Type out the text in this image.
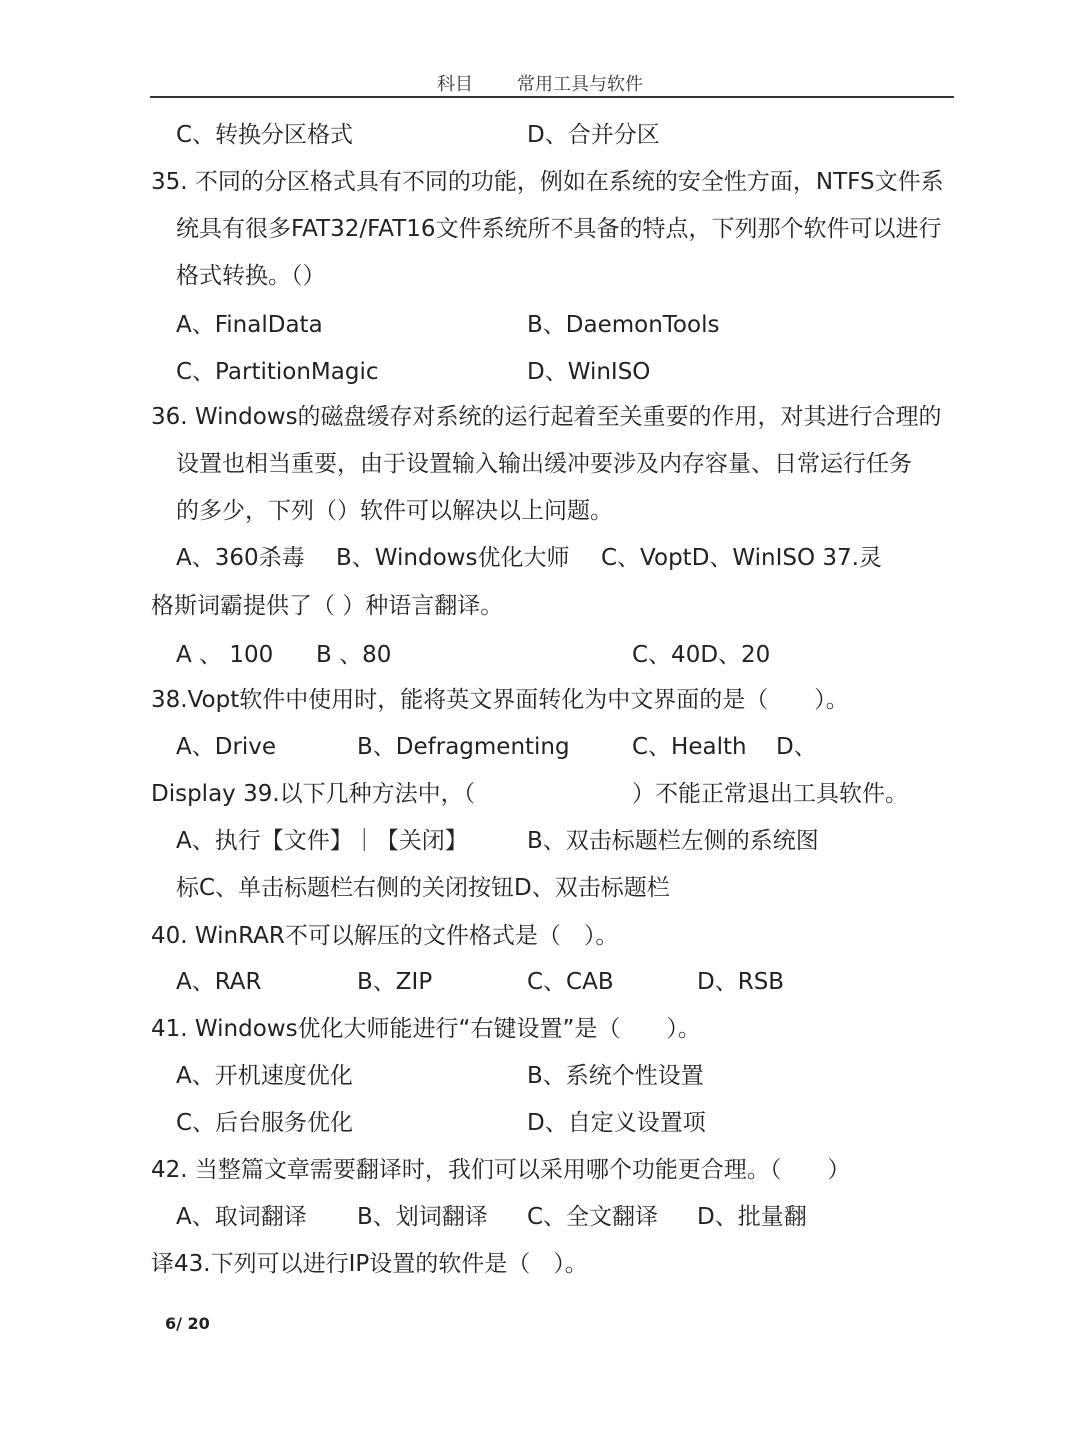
科目 常用工具与软件
C、转换分区格式	D、合并分区
35. 不同的分区格式具有不同的功能，例如在系统的安全性方面，NTFS文件系
统具有很多FAT32/FAT16文件系统所不具备的特点，下列那个软件可以进行
格式转换。（）
A、FinalData	B、DaemonTools
C、PartitionMagic	D、WinISO
36. Windows的磁盘缓存对系统的运行起着至关重要的作用，对其进行合理的
设置也相当重要，由于设置输入输出缓冲要涉及内存容量、日常运行任务
的多少，下列（）软件可以解决以上问题。
A、360杀毒 B、Windows优化大师 C、VoptD、WinISO 37.灵
格斯词霸提供了（ ）种语言翻译。
A 、 100 B 、80	C、40D、20
38.Vopt软件中使用时，能将英文界面转化为中文界面的是（　　）。
A、Drive	B、Defragmenting	C、Health D、
Display 39.以下几种方法中，（	）不能正常退出工具软件。
A、执行【文件】｜【关闭】	B、双击标题栏左侧的系统图
标C、单击标题栏右侧的关闭按钮D、双击标题栏
40. WinRAR不可以解压的文件格式是（　）。
A、RAR	B、ZIP	C、CAB	D、RSB
41. Windows优化大师能进行“右键设置”是（　　）。
A、开机速度优化	B、系统个性设置
C、后台服务优化	D、自定义设置项
42. 当整篇文章需要翻译时，我们可以采用哪个功能更合理。（　　）
A、取词翻译 B、划词翻译 C、全文翻译 D、批量翻
译43.下列可以进行IP设置的软件是（　）。
6/ 20
